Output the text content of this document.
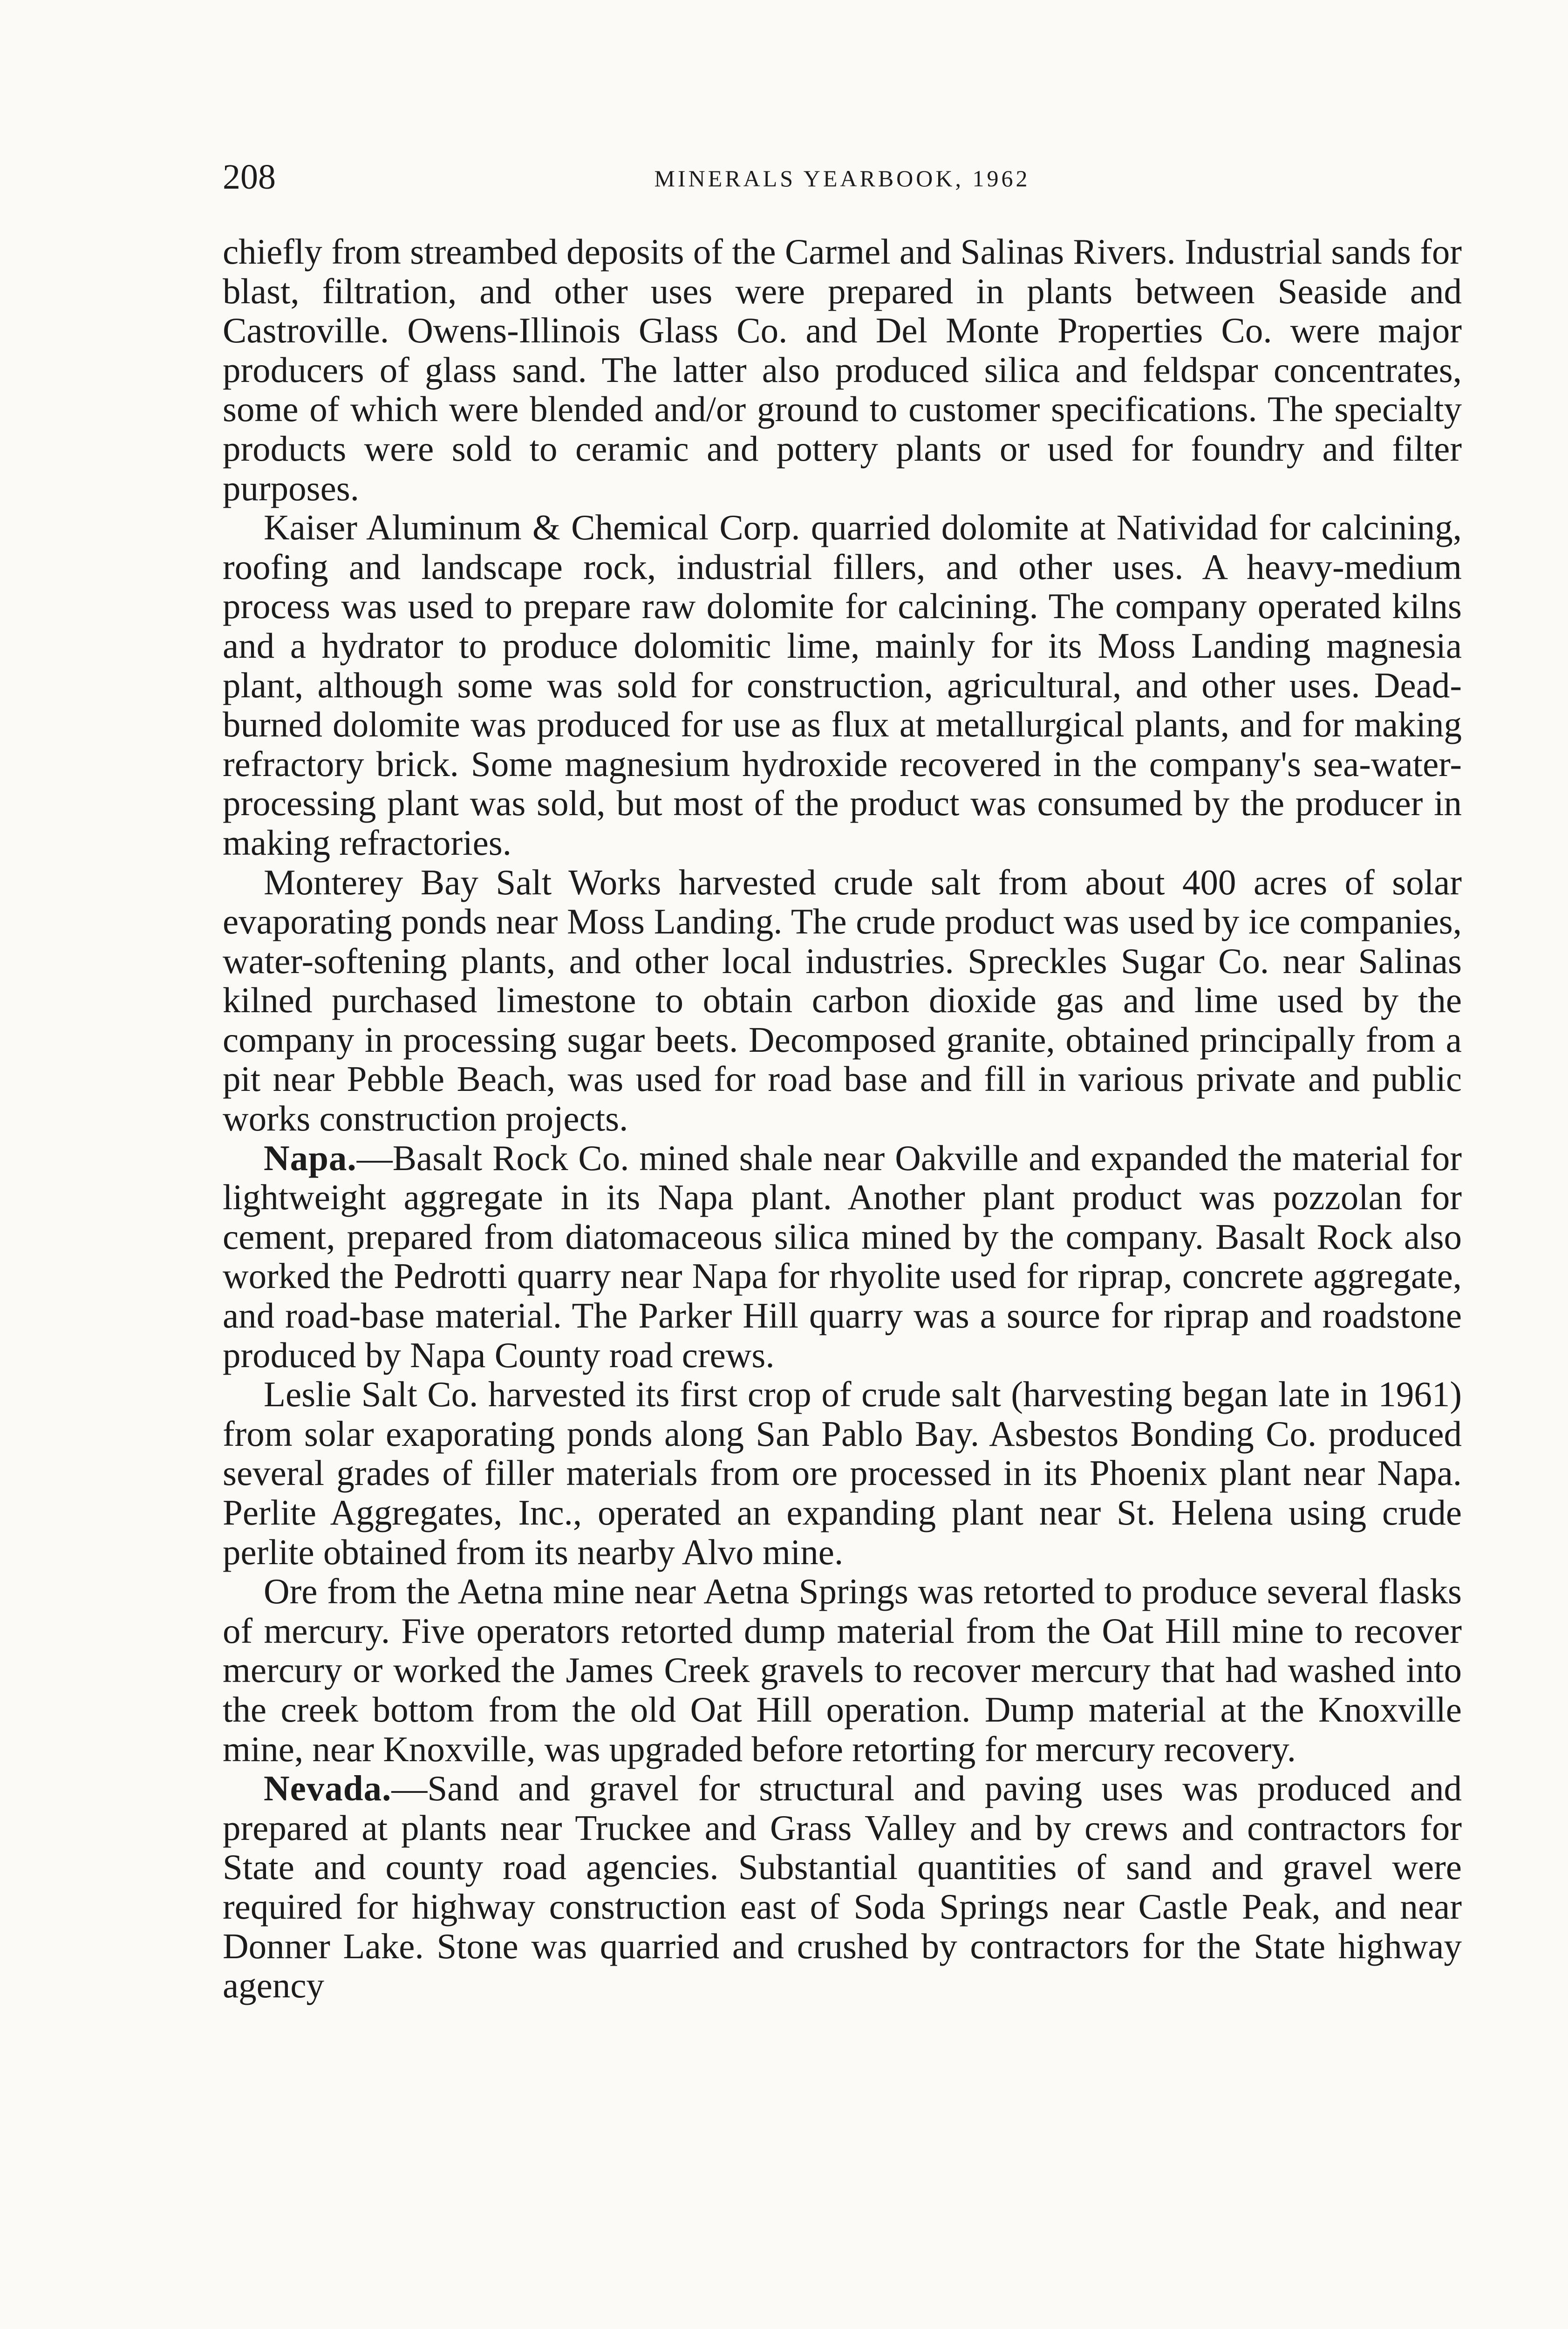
208	MINERALS YEARBOOK, 1962

chiefly from streambed deposits of the Carmel and Salinas Rivers. Industrial sands for blast, filtration, and other uses were prepared in plants between Seaside and Castroville. Owens-Illinois Glass Co. and Del Monte Properties Co. were major producers of glass sand. The latter also produced silica and feldspar concentrates, some of which were blended and/or ground to customer specifications. The specialty products were sold to ceramic and pottery plants or used for foundry and filter purposes.

Kaiser Aluminum & Chemical Corp. quarried dolomite at Natividad for calcining, roofing and landscape rock, industrial fillers, and other uses. A heavy-medium process was used to prepare raw dolomite for calcining. The company operated kilns and a hydrator to produce dolomitic lime, mainly for its Moss Landing magnesia plant, although some was sold for construction, agricultural, and other uses. Dead-burned dolomite was produced for use as flux at metallurgical plants, and for making refractory brick. Some magnesium hydroxide recovered in the company's sea-water-processing plant was sold, but most of the product was consumed by the producer in making refractories.

Monterey Bay Salt Works harvested crude salt from about 400 acres of solar evaporating ponds near Moss Landing. The crude product was used by ice companies, water-softening plants, and other local industries. Spreckles Sugar Co. near Salinas kilned purchased limestone to obtain carbon dioxide gas and lime used by the company in processing sugar beets. Decomposed granite, obtained principally from a pit near Pebble Beach, was used for road base and fill in various private and public works construction projects.

Napa.—Basalt Rock Co. mined shale near Oakville and expanded the material for lightweight aggregate in its Napa plant. Another plant product was pozzolan for cement, prepared from diatomaceous silica mined by the company. Basalt Rock also worked the Pedrotti quarry near Napa for rhyolite used for riprap, concrete aggregate, and road-base material. The Parker Hill quarry was a source for riprap and roadstone produced by Napa County road crews.

Leslie Salt Co. harvested its first crop of crude salt (harvesting began late in 1961) from solar exaporating ponds along San Pablo Bay. Asbestos Bonding Co. produced several grades of filler materials from ore processed in its Phoenix plant near Napa. Perlite Aggregates, Inc., operated an expanding plant near St. Helena using crude perlite obtained from its nearby Alvo mine.

Ore from the Aetna mine near Aetna Springs was retorted to produce several flasks of mercury. Five operators retorted dump material from the Oat Hill mine to recover mercury or worked the James Creek gravels to recover mercury that had washed into the creek bottom from the old Oat Hill operation. Dump material at the Knoxville mine, near Knoxville, was upgraded before retorting for mercury recovery.

Nevada.—Sand and gravel for structural and paving uses was produced and prepared at plants near Truckee and Grass Valley and by crews and contractors for State and county road agencies. Substantial quantities of sand and gravel were required for highway construction east of Soda Springs near Castle Peak, and near Donner Lake. Stone was quarried and crushed by contractors for the State highway agency
